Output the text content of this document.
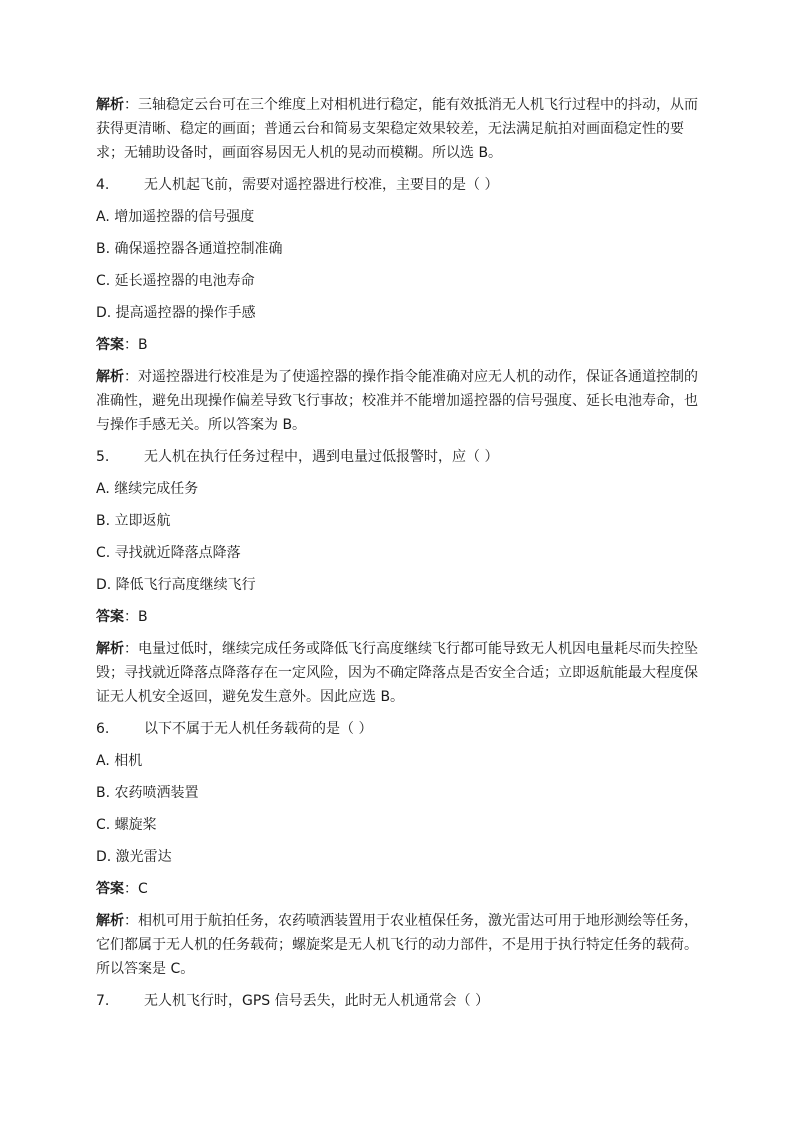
解析：三轴稳定云台可在三个维度上对相机进行稳定，能有效抵消无人机飞行过程中的抖动，从而获得更清晰、稳定的画面；普通云台和简易支架稳定效果较差，无法满足航拍对画面稳定性的要求；无辅助设备时，画面容易因无人机的晃动而模糊。所以选 B。

4. 无人机起飞前，需要对遥控器进行校准，主要目的是（ ）

A. 增加遥控器的信号强度

B. 确保遥控器各通道控制准确

C. 延长遥控器的电池寿命

D. 提高遥控器的操作手感

答案：B

解析：对遥控器进行校准是为了使遥控器的操作指令能准确对应无人机的动作，保证各通道控制的准确性，避免出现操作偏差导致飞行事故；校准并不能增加遥控器的信号强度、延长电池寿命，也与操作手感无关。所以答案为 B。

5. 无人机在执行任务过程中，遇到电量过低报警时，应（ ）

A. 继续完成任务

B. 立即返航

C. 寻找就近降落点降落

D. 降低飞行高度继续飞行

答案：B

解析：电量过低时，继续完成任务或降低飞行高度继续飞行都可能导致无人机因电量耗尽而失控坠毁；寻找就近降落点降落存在一定风险，因为不确定降落点是否安全合适；立即返航能最大程度保证无人机安全返回，避免发生意外。因此应选 B。

6. 以下不属于无人机任务载荷的是（ ）

A. 相机

B. 农药喷洒装置

C. 螺旋桨

D. 激光雷达

答案：C

解析：相机可用于航拍任务，农药喷洒装置用于农业植保任务，激光雷达可用于地形测绘等任务，它们都属于无人机的任务载荷；螺旋桨是无人机飞行的动力部件，不是用于执行特定任务的载荷。所以答案是 C。

7. 无人机飞行时，GPS 信号丢失，此时无人机通常会（ ）
